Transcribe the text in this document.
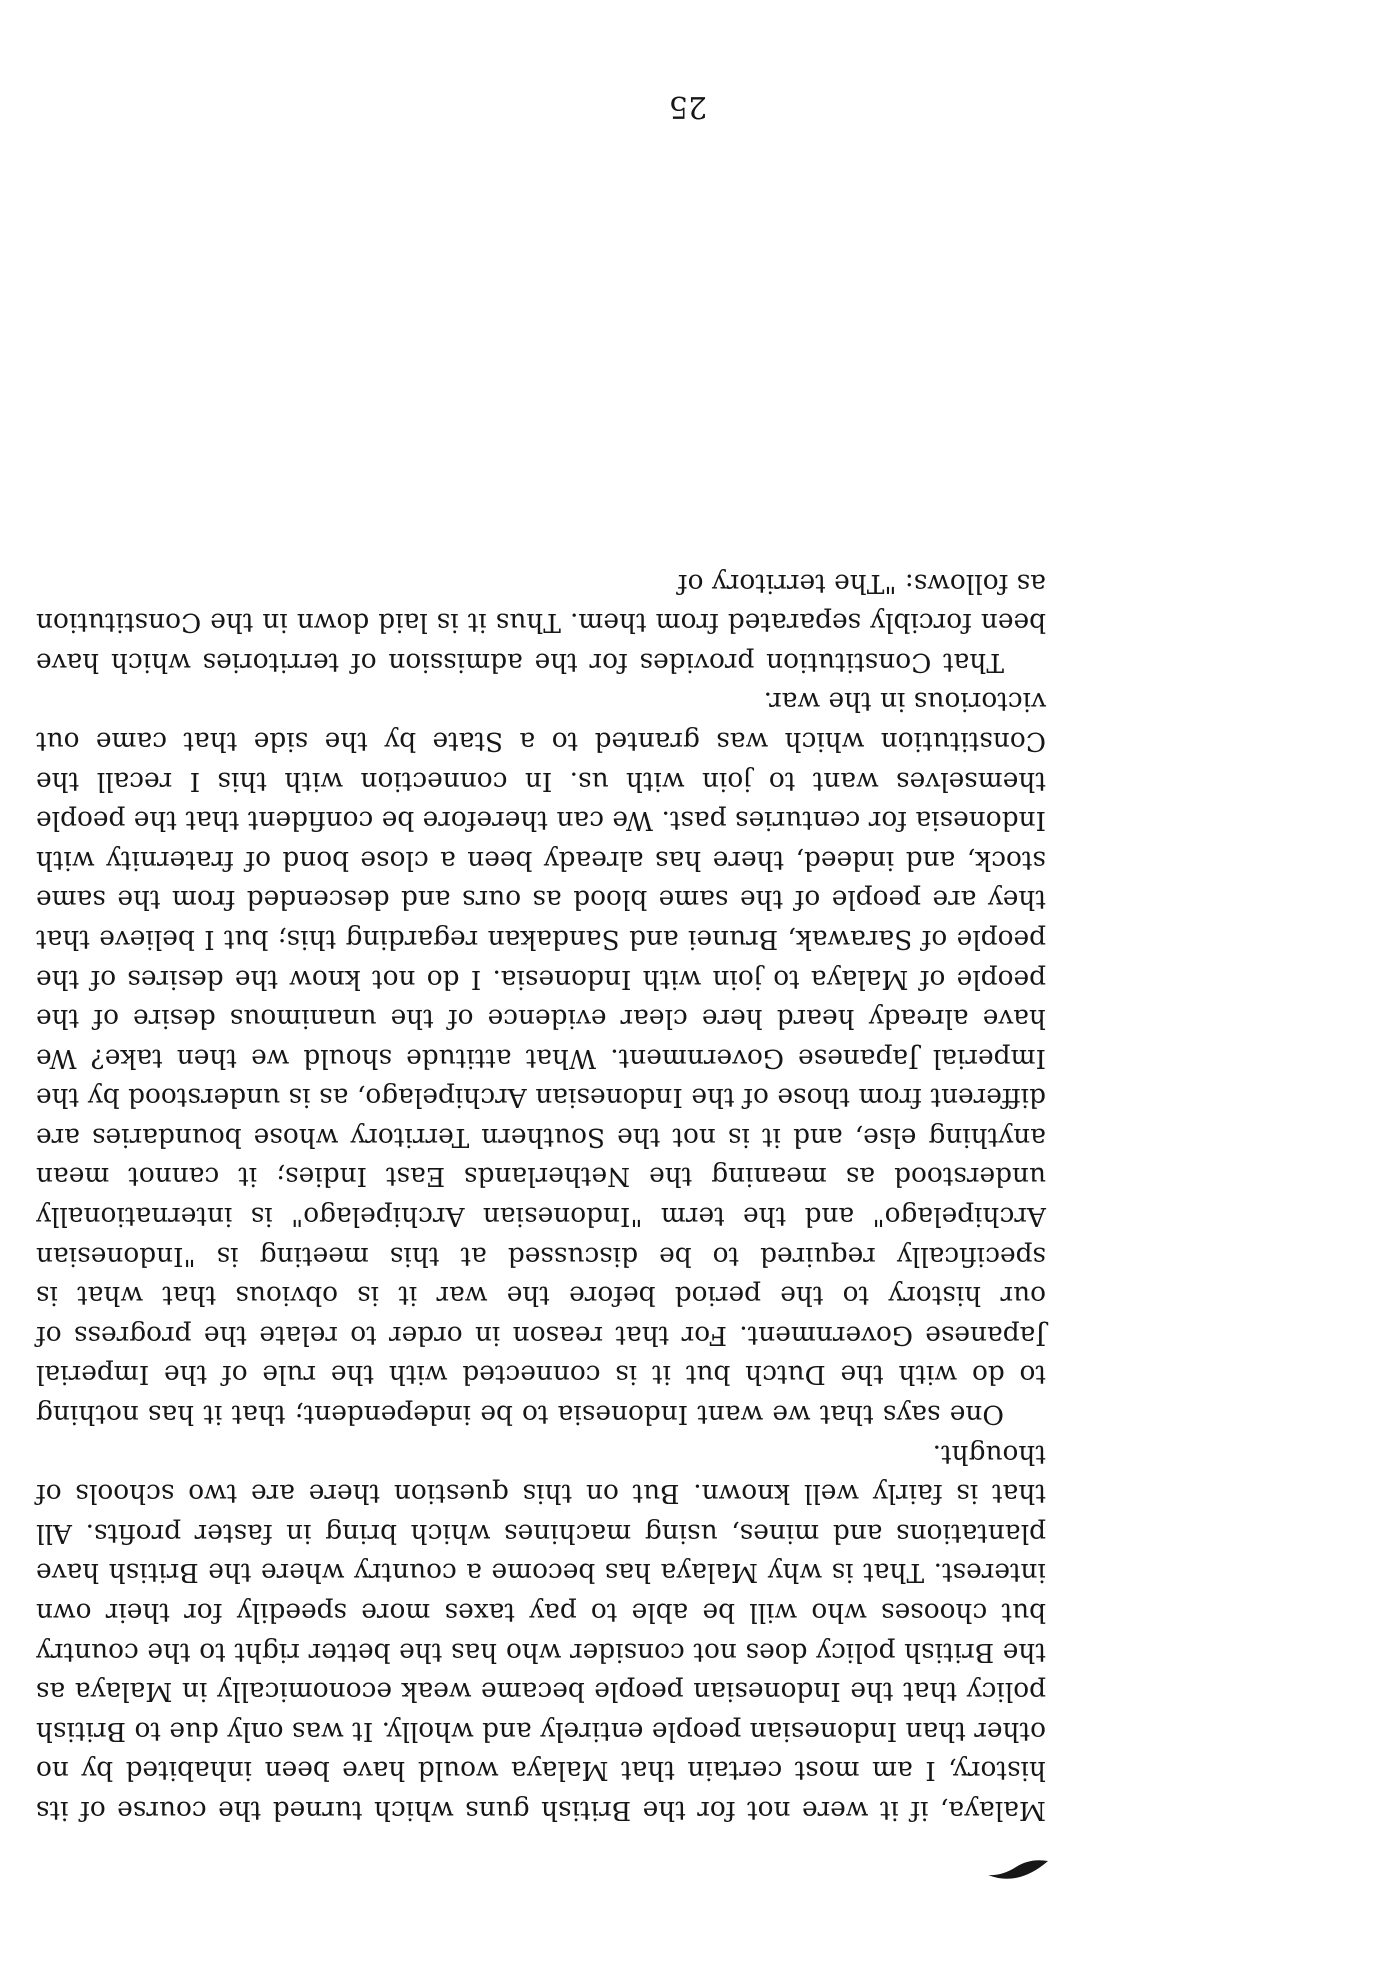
Malaya, if it were not for the British guns which turned the course of its history, I am most certain that Malaya would have been inhabited by no other than Indonesian people entirely and wholly. It was only due to British policy that the Indonesian people became weak economically in Malaya as the British policy does not consider who has the better right to the country but chooses who will be able to pay taxes more speedily for their own interest. That is why Malaya has become a country where the British have plantations and mines, using machines which bring in faster profits. All that is fairly well known. But on this question there are two schools of thought.

One says that we want Indonesia to be independent; that it has nothing to do with the Dutch but it is connected with the rule of the Imperial Japanese Government. For that reason in order to relate the progress of our history to the period before the war it is obvious that what is specifically required to be discussed at this meeting is "Indonesian Archipelago" and the term "Indonesian Archipelago" is internationally understood as meaning the Netherlands East Indies; it cannot mean anything else, and it is not the Southern Territory whose boundaries are different from those of the Indonesian Archipelago, as is understood by the Imperial Japanese Government. What attitude should we then take? We have already heard here clear evidence of the unanimous desire of the people of Malaya to join with Indonesia. I do not know the desires of the people of Sarawak, Brunei and Sandakan regarding this; but I believe that they are people of the same blood as ours and descended from the same stock, and indeed, there has already been a close bond of fraternity with Indonesia for centuries past. We can therefore be confident that the people themselves want to join with us. In connection with this I recall the Constitution which was granted to a State by the side that came out victorious in the war.

That Constitution provides for the admission of territories which have been forcibly separated from them. Thus it is laid down in the Constitution as follows: "The territory of

25
